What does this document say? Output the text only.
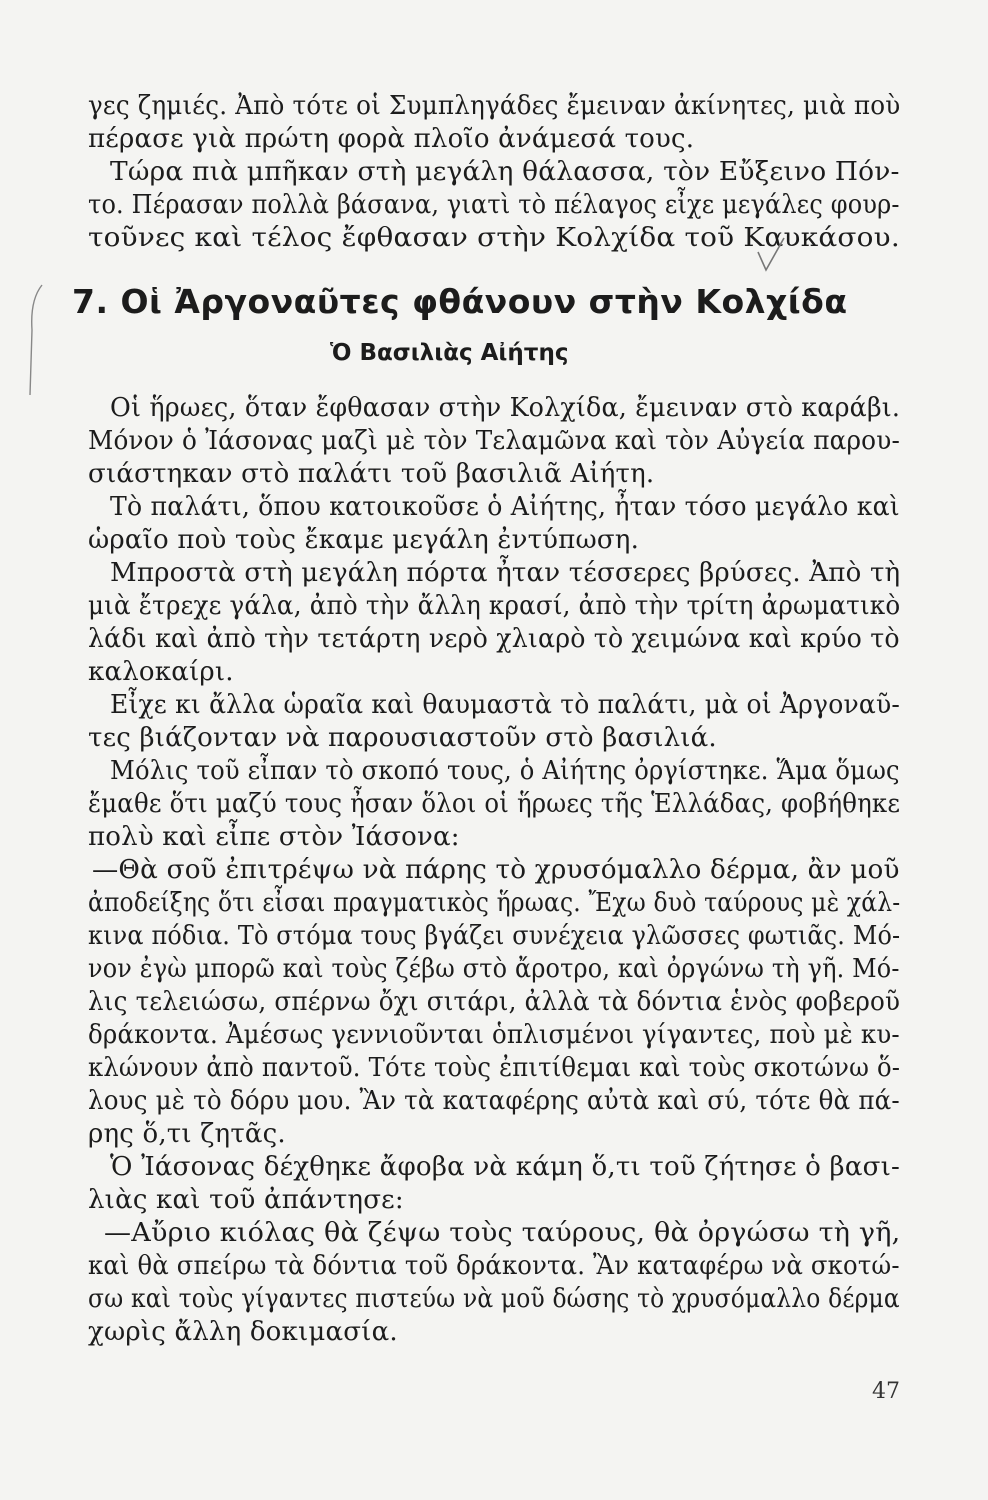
γες ζημιές. Ἀπὸ τότε οἱ Συμπληγάδες ἔμειναν ἀκίνητες, μιὰ ποὺ
πέρασε γιὰ πρώτη φορὰ πλοῖο ἀνάμεσά τους.
Τώρα πιὰ μπῆκαν στὴ μεγάλη θάλασσα, τὸν Εὔξεινο Πόν-
το. Πέρασαν πολλὰ βάσανα, γιατὶ τὸ πέλαγος εἶχε μεγάλες φουρ-
τοῦνες καὶ τέλος ἔφθασαν στὴν Κολχίδα τοῦ Καυκάσου.
7. Οἱ Ἀργοναῦτες φθάνουν στὴν Κολχίδα
Ὁ Βασιλιὰς Αἰήτης
Οἱ ἥρωες, ὅταν ἔφθασαν στὴν Κολχίδα, ἔμειναν στὸ καράβι.
Μόνον ὁ Ἰάσονας μαζὶ μὲ τὸν Τελαμῶνα καὶ τὸν Αὐγεία παρου-
σιάστηκαν στὸ παλάτι τοῦ βασιλιᾶ Αἰήτη.
Τὸ παλάτι, ὅπου κατοικοῦσε ὁ Αἰήτης, ἦταν τόσο μεγάλο καὶ
ὡραῖο ποὺ τοὺς ἔκαμε μεγάλη ἐντύπωση.
Μπροστὰ στὴ μεγάλη πόρτα ἦταν τέσσερες βρύσες. Ἀπὸ τὴ
μιὰ ἔτρεχε γάλα, ἀπὸ τὴν ἄλλη κρασί, ἀπὸ τὴν τρίτη ἀρωματικὸ
λάδι καὶ ἀπὸ τὴν τετάρτη νερὸ χλιαρὸ τὸ χειμώνα καὶ κρύο τὸ
καλοκαίρι.
Εἶχε κι ἄλλα ὡραῖα καὶ θαυμαστὰ τὸ παλάτι, μὰ οἱ Ἀργοναῦ-
τες βιάζονταν νὰ παρουσιαστοῦν στὸ βασιλιά.
Μόλις τοῦ εἶπαν τὸ σκοπό τους, ὁ Αἰήτης ὀργίστηκε. Ἅμα ὅμως
ἔμαθε ὅτι μαζύ τους ἦσαν ὅλοι οἱ ἥρωες τῆς Ἑλλάδας, φοβήθηκε
πολὺ καὶ εἶπε στὸν Ἰάσονα:
—Θὰ σοῦ ἐπιτρέψω νὰ πάρης τὸ χρυσόμαλλο δέρμα, ἂν μοῦ
ἀποδείξης ὅτι εἶσαι πραγματικὸς ἥρωας. Ἔχω δυὸ ταύρους μὲ χάλ-
κινα πόδια. Τὸ στόμα τους βγάζει συνέχεια γλῶσσες φωτιᾶς. Μό-
νον ἐγὼ μπορῶ καὶ τοὺς ζέβω στὸ ἄροτρο, καὶ ὀργώνω τὴ γῆ. Μό-
λις τελειώσω, σπέρνω ὄχι σιτάρι, ἀλλὰ τὰ δόντια ἑνὸς φοβεροῦ
δράκοντα. Ἀμέσως γεννιοῦνται ὁπλισμένοι γίγαντες, ποὺ μὲ κυ-
κλώνουν ἀπὸ παντοῦ. Τότε τοὺς ἐπιτίθεμαι καὶ τοὺς σκοτώνω ὅ-
λους μὲ τὸ δόρυ μου. Ἂν τὰ καταφέρης αὐτὰ καὶ σύ, τότε θὰ πά-
ρης ὅ,τι ζητᾶς.
Ὁ Ἰάσονας δέχθηκε ἄφοβα νὰ κάμη ὅ,τι τοῦ ζήτησε ὁ βασι-
λιὰς καὶ τοῦ ἀπάντησε:
—Αὔριο κιόλας θὰ ζέψω τοὺς ταύρους, θὰ ὀργώσω τὴ γῆ,
καὶ θὰ σπείρω τὰ δόντια τοῦ δράκοντα. Ἂν καταφέρω νὰ σκοτώ-
σω καὶ τοὺς γίγαντες πιστεύω νὰ μοῦ δώσης τὸ χρυσόμαλλο δέρμα
χωρὶς ἄλλη δοκιμασία.
47
